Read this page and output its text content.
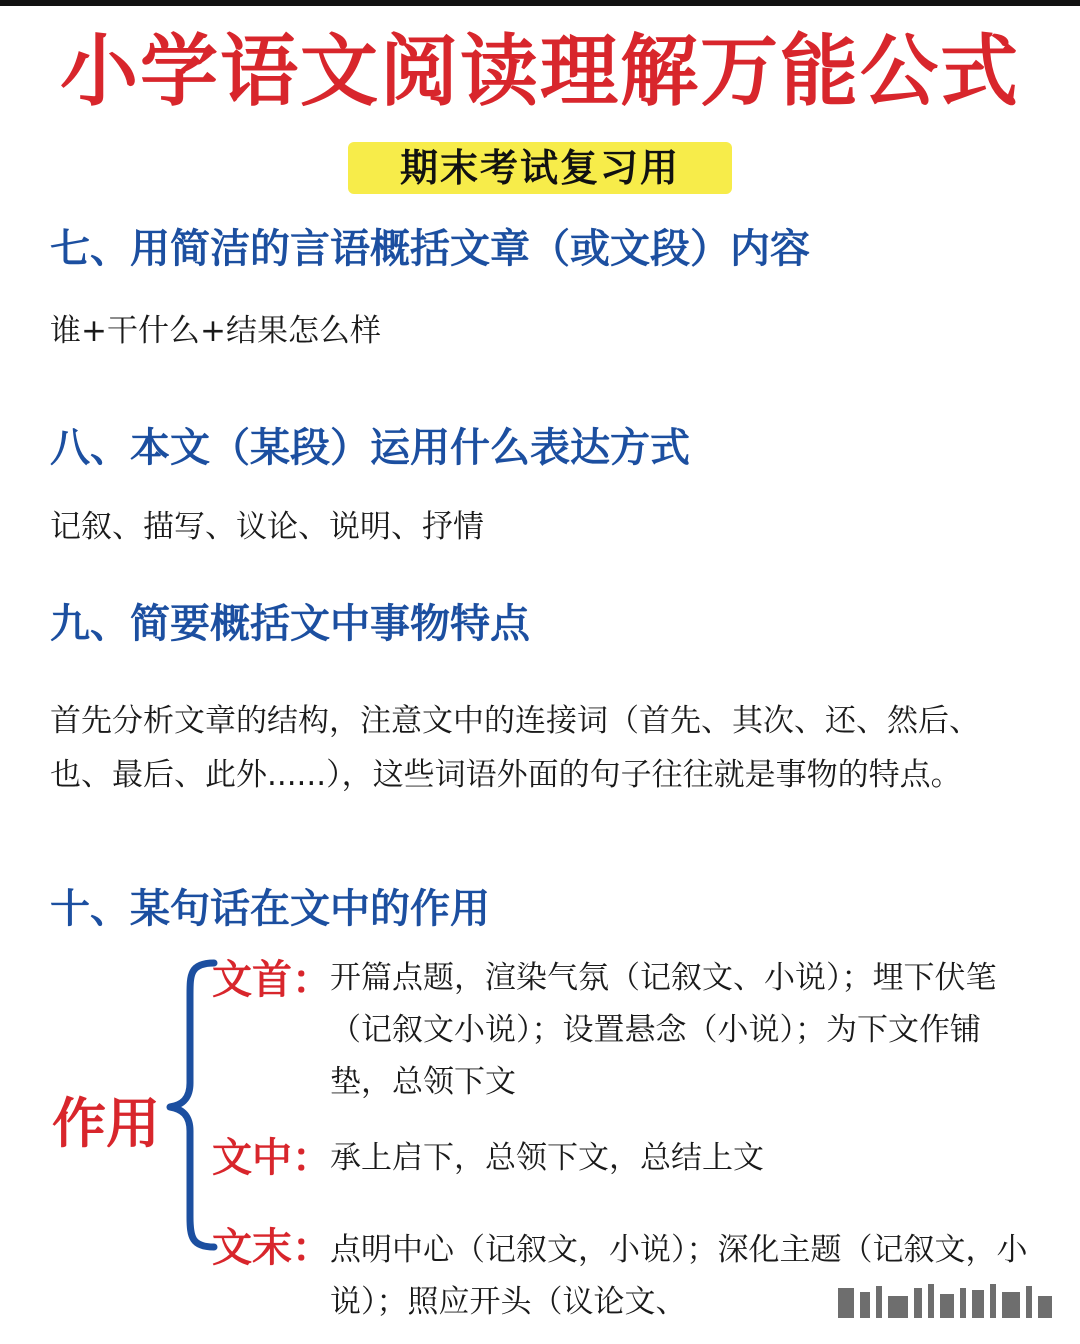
小学语文阅读理解万能公式
期末考试复习用
七、用简洁的言语概括文章（或文段）内容
谁+干什么+结果怎么样
八、本文（某段）运用什么表达方式
记叙、描写、议论、说明、抒情
九、简要概括文中事物特点
首先分析文章的结构，注意文中的连接词（首先、其次、还、然后、
也、最后、此外......），这些词语外面的句子往往就是事物的特点。
十、某句话在文中的作用
作用
文首：
开篇点题，渲染气氛（记叙文、小说）；埋下伏笔（记叙文小说）；设置悬念（小说）；为下文作铺垫，总领下文
文中：
承上启下，总领下文，总结上文
文末：
点明中心（记叙文，小说）；深化主题（记叙文，小说）；照应开头（议论文、
